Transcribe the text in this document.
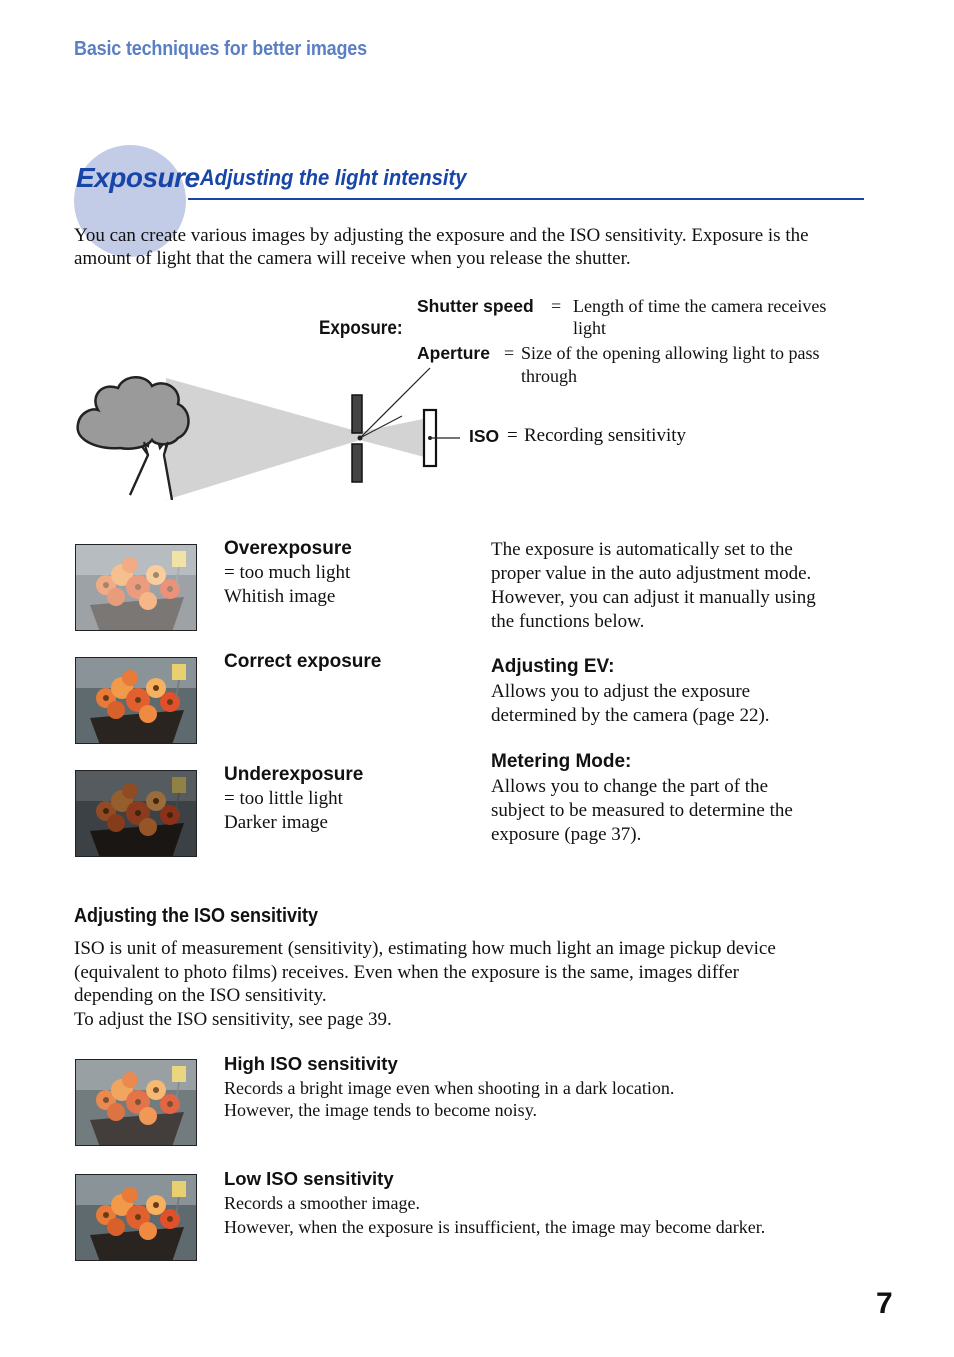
Basic techniques for better images
Exposure Adjusting the light intensity
You can create various images by adjusting the exposure and the ISO sensitivity. Exposure is the amount of light that the camera will receive when you release the shutter.
Exposure:
Shutter speed = Length of time the camera receives
light
Aperture = Size of the opening allowing light to pass
through
ISO = Recording sensitivity
Overexposure
= too much light
Whitish image
Correct exposure
Underexposure
= too little light
Darker image
The exposure is automatically set to the
proper value in the auto adjustment mode.
However, you can adjust it manually using
the functions below.
Adjusting EV:
Allows you to adjust the exposure
determined by the camera (page 22).
Metering Mode:
Allows you to change the part of the
subject to be measured to determine the
exposure (page 37).
Adjusting the ISO sensitivity
ISO is unit of measurement (sensitivity), estimating how much light an image pickup device
(equivalent to photo films) receives. Even when the exposure is the same, images differ
depending on the ISO sensitivity.
To adjust the ISO sensitivity, see page 39.
High ISO sensitivity
Records a bright image even when shooting in a dark location.
However, the image tends to become noisy.
Low ISO sensitivity
Records a smoother image.
However, when the exposure is insufficient, the image may become darker.
7
